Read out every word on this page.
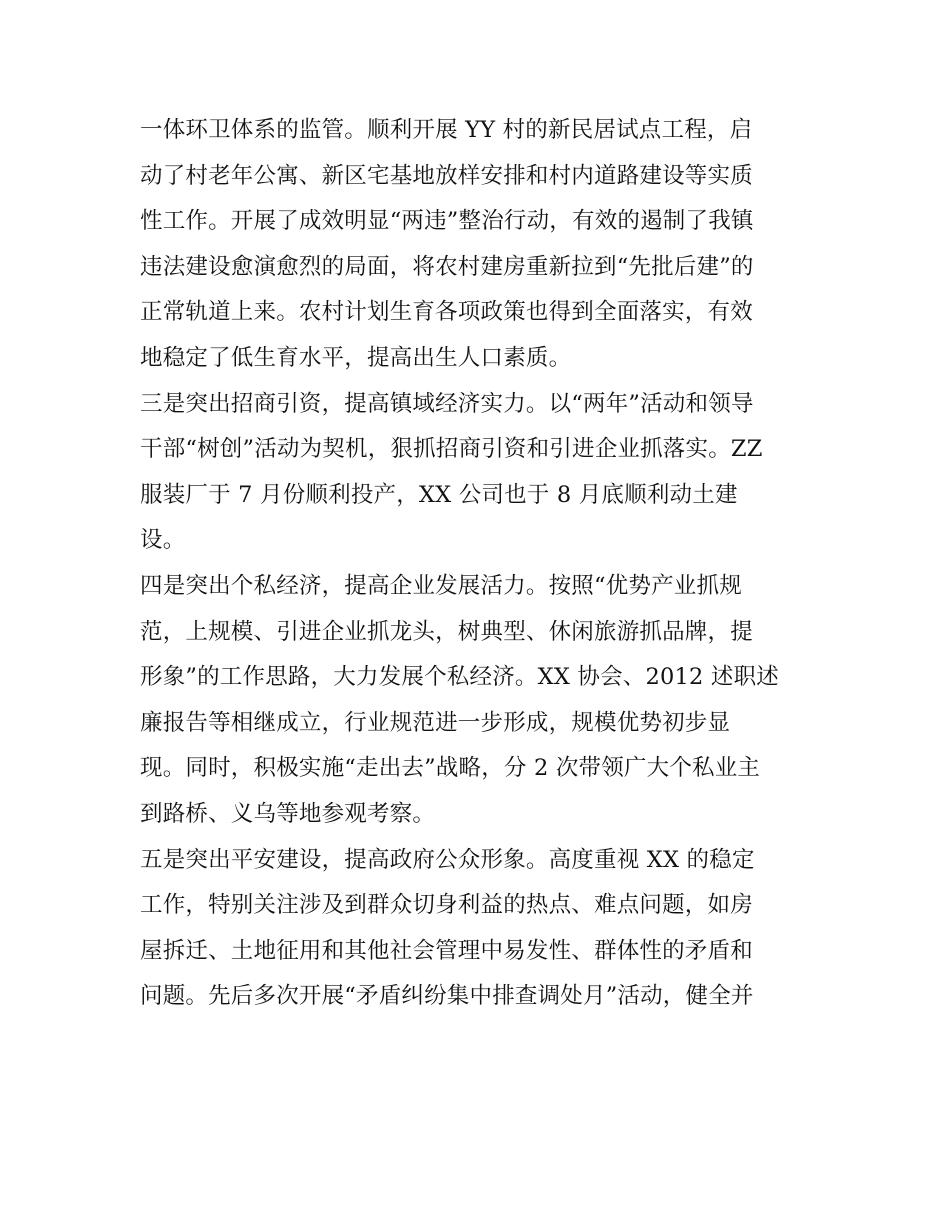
一体环卫体系的监管。顺利开展 YY 村的新民居试点工程，启
动了村老年公寓、新区宅基地放样安排和村内道路建设等实质
性工作。开展了成效明显“两违”整治行动，有效的遏制了我镇
违法建设愈演愈烈的局面，将农村建房重新拉到“先批后建”的
正常轨道上来。农村计划生育各项政策也得到全面落实，有效
地稳定了低生育水平，提高出生人口素质。
三是突出招商引资，提高镇域经济实力。以“两年”活动和领导
干部“树创”活动为契机，狠抓招商引资和引进企业抓落实。ZZ
服装厂于 7 月份顺利投产，XX 公司也于 8 月底顺利动土建
设。
四是突出个私经济，提高企业发展活力。按照“优势产业抓规
范，上规模、引进企业抓龙头，树典型、休闲旅游抓品牌，提
形象”的工作思路，大力发展个私经济。XX 协会、2012 述职述
廉报告等相继成立，行业规范进一步形成，规模优势初步显
现。同时，积极实施“走出去”战略，分 2 次带领广大个私业主
到路桥、义乌等地参观考察。
五是突出平安建设，提高政府公众形象。高度重视 XX 的稳定
工作，特别关注涉及到群众切身利益的热点、难点问题，如房
屋拆迁、土地征用和其他社会管理中易发性、群体性的矛盾和
问题。先后多次开展“矛盾纠纷集中排查调处月”活动，健全并
